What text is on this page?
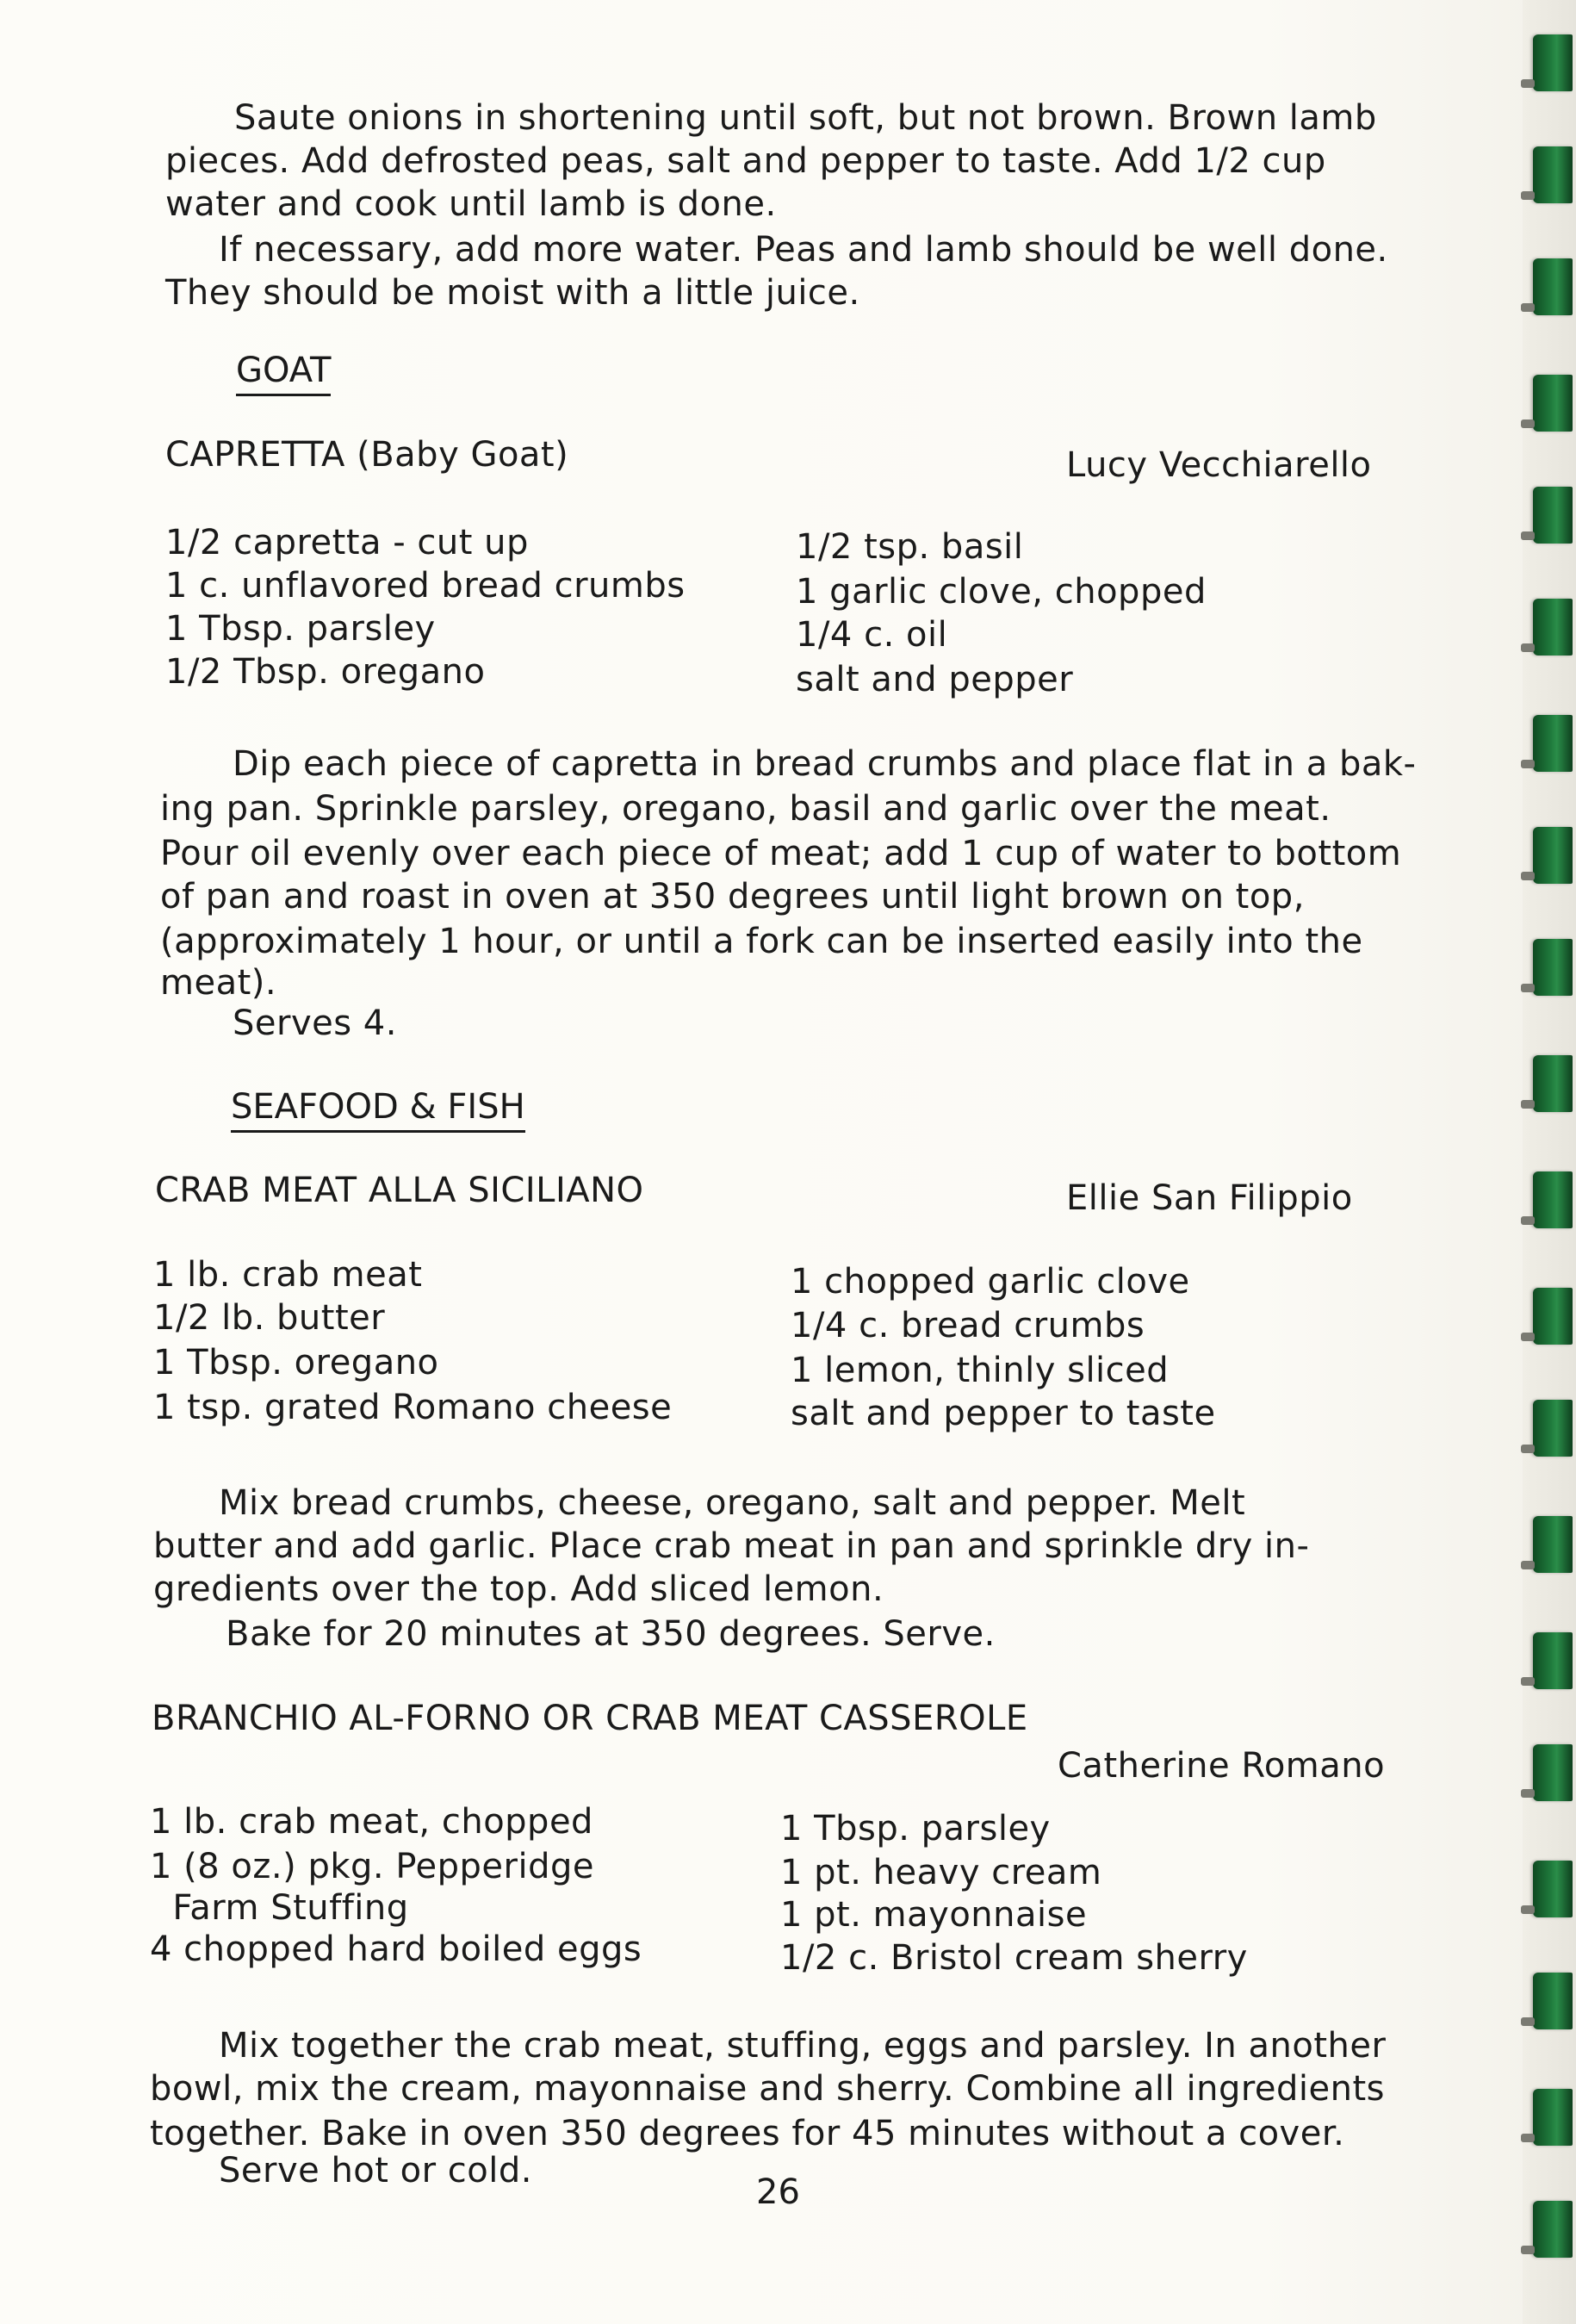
Saute onions in shortening until soft, but not brown. Brown lamb
pieces. Add defrosted peas, salt and pepper to taste. Add 1/2 cup
water and cook until lamb is done.
If necessary, add more water. Peas and lamb should be well done.
They should be moist with a little juice.
GOAT
CAPRETTA (Baby Goat)	Lucy Vecchiarello
1/2 capretta - cut up
1 c. unflavored bread crumbs
1 Tbsp. parsley
1/2 Tbsp. oregano
1/2 tsp. basil
1 garlic clove, chopped
1/4 c. oil
salt and pepper
Dip each piece of capretta in bread crumbs and place flat in a bak-
ing pan. Sprinkle parsley, oregano, basil and garlic over the meat.
Pour oil evenly over each piece of meat; add 1 cup of water to bottom
of pan and roast in oven at 350 degrees until light brown on top,
(approximately 1 hour, or until a fork can be inserted easily into the
meat).
Serves 4.
SEAFOOD & FISH
CRAB MEAT ALLA SICILIANO	Ellie San Filippio
1 lb. crab meat
1/2 lb. butter
1 Tbsp. oregano
1 tsp. grated Romano cheese
1 chopped garlic clove
1/4 c. bread crumbs
1 lemon, thinly sliced
salt and pepper to taste
Mix bread crumbs, cheese, oregano, salt and pepper. Melt
butter and add garlic. Place crab meat in pan and sprinkle dry in-
gredients over the top. Add sliced lemon.
Bake for 20 minutes at 350 degrees. Serve.
BRANCHIO AL-FORNO OR CRAB MEAT CASSEROLE
Catherine Romano
1 lb. crab meat, chopped
1 (8 oz.) pkg. Pepperidge
Farm Stuffing
4 chopped hard boiled eggs
1 Tbsp. parsley
1 pt. heavy cream
1 pt. mayonnaise
1/2 c. Bristol cream sherry
Mix together the crab meat, stuffing, eggs and parsley. In another
bowl, mix the cream, mayonnaise and sherry. Combine all ingredients
together. Bake in oven 350 degrees for 45 minutes without a cover.
Serve hot or cold.
26
